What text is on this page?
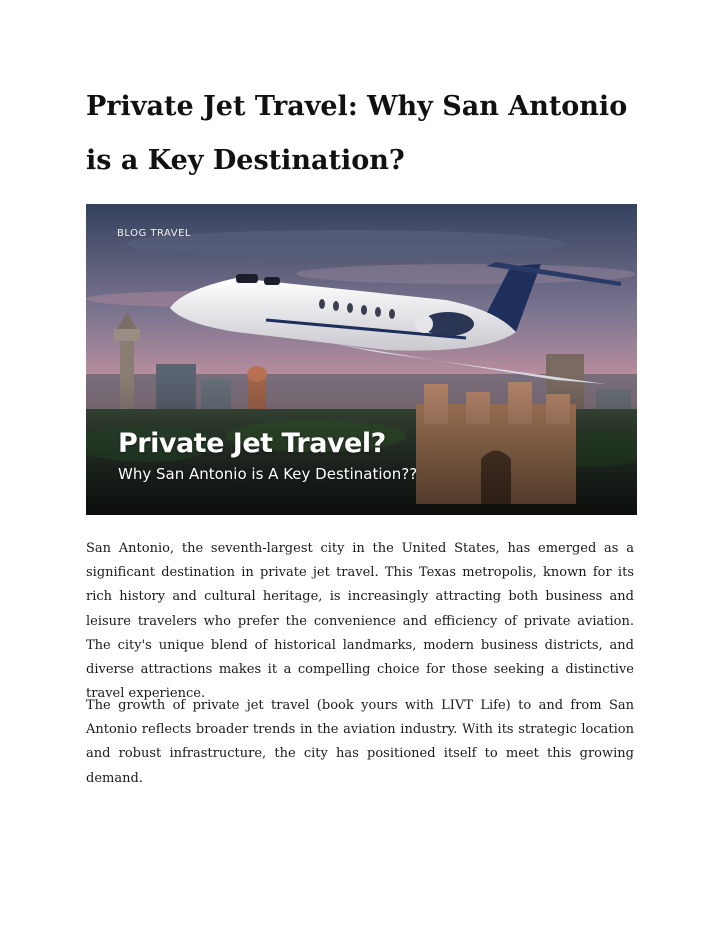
Private Jet Travel: Why San Antonio is a Key Destination?
BLOG TRAVEL
Private Jet Travel?
Why San Antonio is A Key Destination??

San Antonio, the seventh-largest city in the United States, has emerged as a significant destination in private jet travel. This Texas metropolis, known for its rich history and cultural heritage, is increasingly attracting both business and leisure travelers who prefer the convenience and efficiency of private aviation. The city's unique blend of historical landmarks, modern business districts, and diverse attractions makes it a compelling choice for those seeking a distinctive travel experience.

The growth of private jet travel (book yours with LIVT Life) to and from San Antonio reflects broader trends in the aviation industry. With its strategic location and robust infrastructure, the city has positioned itself to meet this growing demand.
